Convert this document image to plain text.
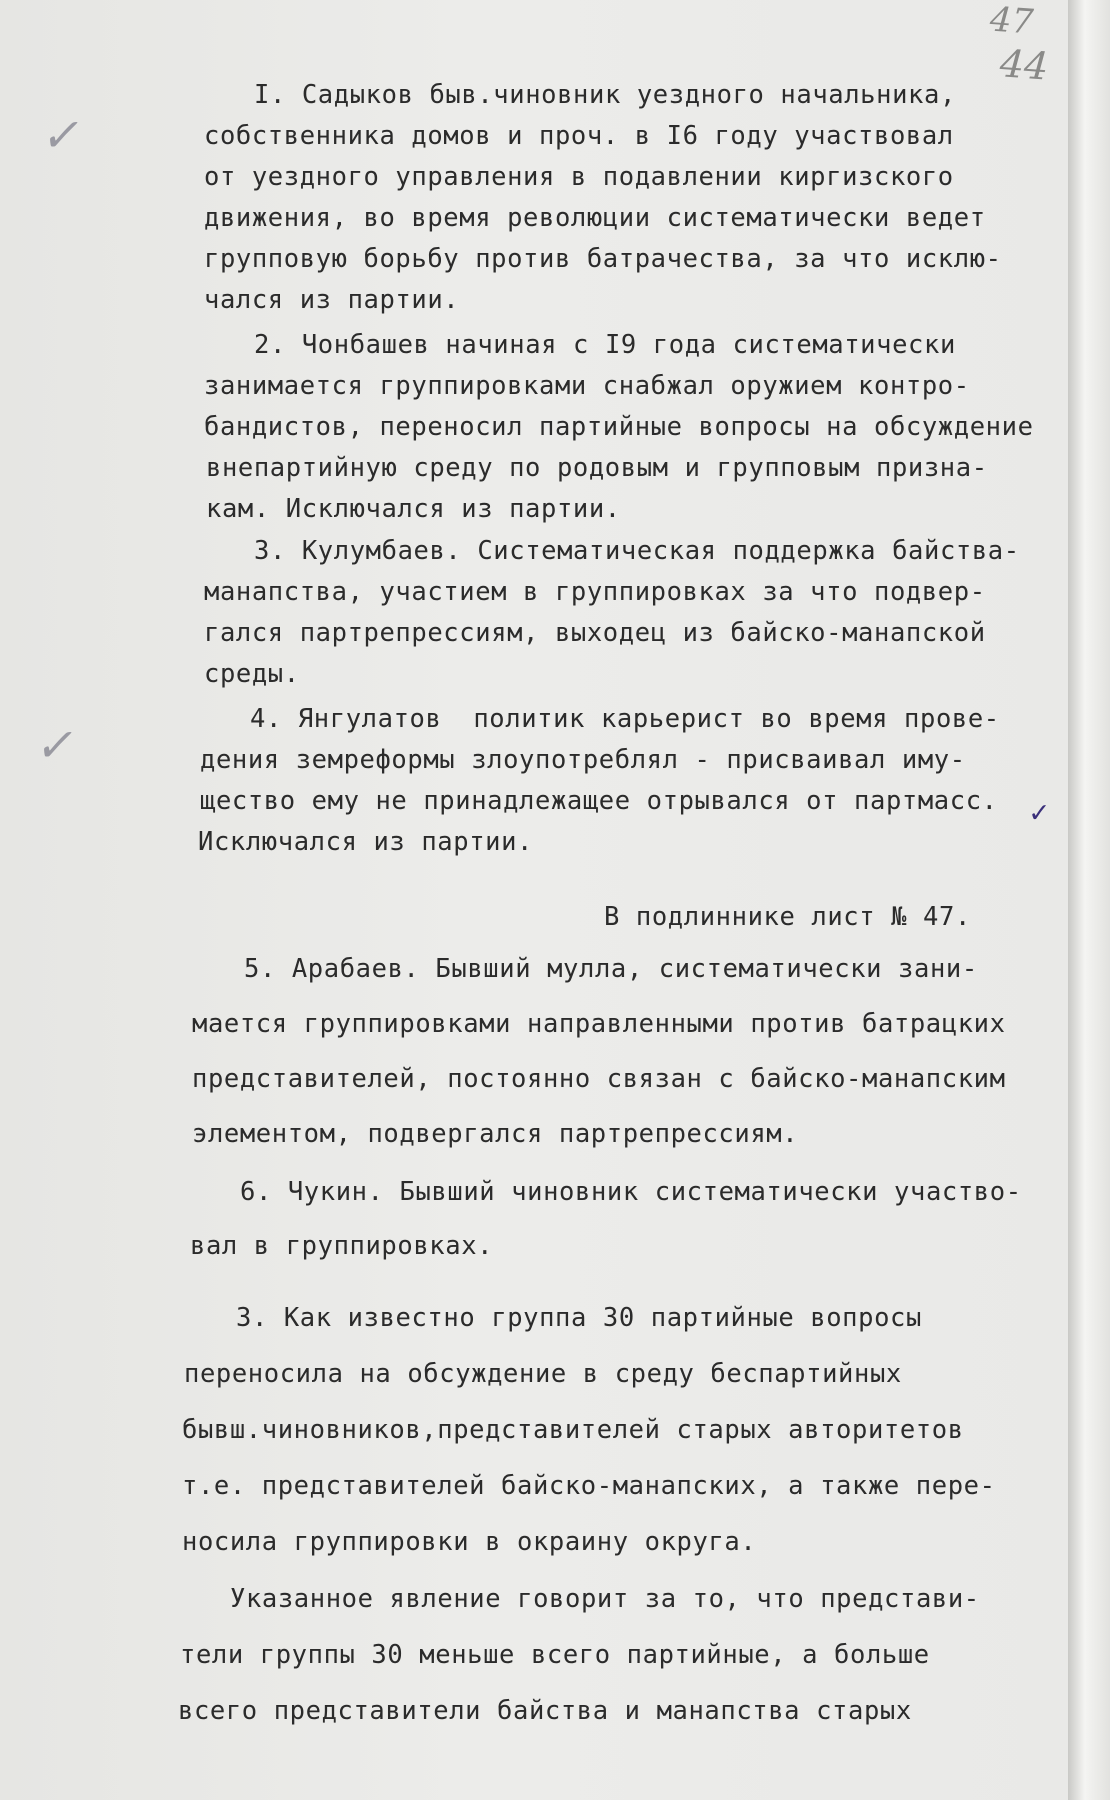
47
44
✓
✓
✓
I. Садыков быв.чиновник уездного начальника,
собственника домов и проч. в I6 году участвовал
от уездного управления в подавлении киргизского
движения, во время революции систематически ведет
групповую борьбу против батрачества, за что исклю-
чался из партии.
2. Чонбашев начиная с I9 года систематически
занимается группировками снабжал оружием контро-
бандистов, переносил партийные вопросы на обсуждение
внепартийную среду по родовым и групповым призна-
кам. Исключался из партии.
3. Кулумбаев. Систематическая поддержка байства-
манапства, участием в группировках за что подвер-
гался партрепрессиям, выходец из байско-манапской
среды.
4. Янгулатов  политик карьерист во время прове-
дения земреформы злоупотреблял - присваивал иму-
щество ему не принадлежащее отрывался от партмасс.
Исключался из партии.
В подлиннике лист № 47.
5. Арабаев. Бывший мулла, систематически зани-
мается группировками направленными против батрацких
представителей, постоянно связан с байско-манапским
элементом, подвергался партрепрессиям.
6. Чукин. Бывший чиновник систематически участво-
вал в группировках.
3. Как известно группа 30 партийные вопросы
переносила на обсуждение в среду беспартийных
бывш.чиновников,представителей старых авторитетов
т.е. представителей байско-манапских, а также пере-
носила группировки в окраину округа.
Указанное явление говорит за то, что представи-
тели группы 30 меньше всего партийные, а больше
всего представители байства и манапства старых
